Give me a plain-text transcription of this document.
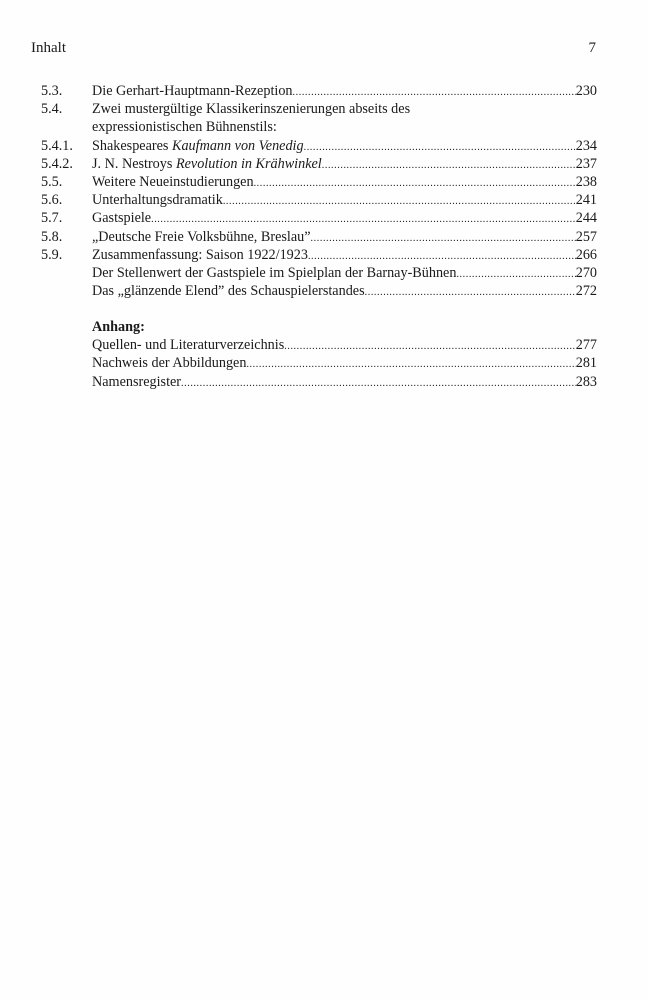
Inhalt	7
5.3.	Die Gerhart-Hauptmann-Rezeption .....	230
5.4.	Zwei mustergültige Klassikerinszenierungen abseits des
expressionistischen Bühnenstils:
5.4.1.	Shakespeares Kaufmann von Venedig .....	234
5.4.2.	J. N. Nestroys Revolution in Krähwinkel .....	237
5.5.	Weitere Neueinstudierungen .....	238
5.6.	Unterhaltungsdramatik .....	241
5.7.	Gastspiele .....	244
5.8.	„Deutsche Freie Volksbühne, Breslau” .....	257
5.9.	Zusammenfassung: Saison 1922/1923 .....	266
Der Stellenwert der Gastspiele im Spielplan der Barnay-Bühnen .....	270
Das „glänzende Elend” des Schauspielerstandes .....	272
Anhang:
Quellen- und Literaturverzeichnis .....	277
Nachweis der Abbildungen .....	281
Namensregister .....	283
